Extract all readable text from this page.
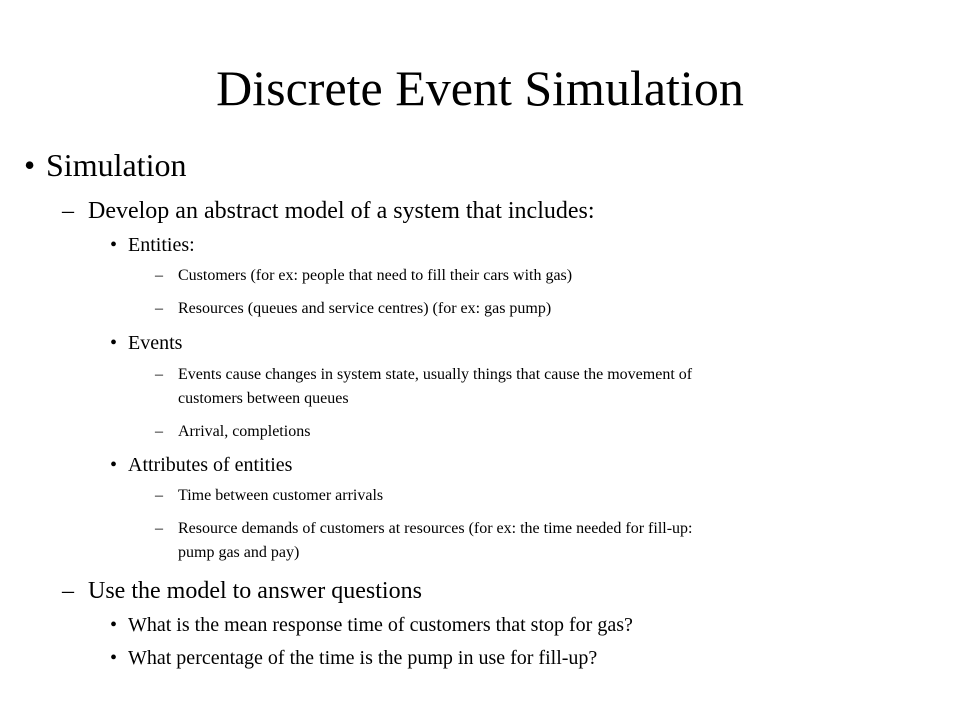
Discrete Event Simulation
• Simulation
– Develop an abstract model of a system that includes:
• Entities:
– Customers (for ex: people that need to fill their cars with gas)
– Resources (queues and service centres) (for ex: gas pump)
• Events
– Events cause changes in system state, usually things that cause the movement of
customers between queues
– Arrival, completions
• Attributes of entities
– Time between customer arrivals
– Resource demands of customers at resources (for ex: the time needed for fill-up:
pump gas and pay)
– Use the model to answer questions
• What is the mean response time of customers that stop for gas?
• What percentage of the time is the pump in use for fill-up?
